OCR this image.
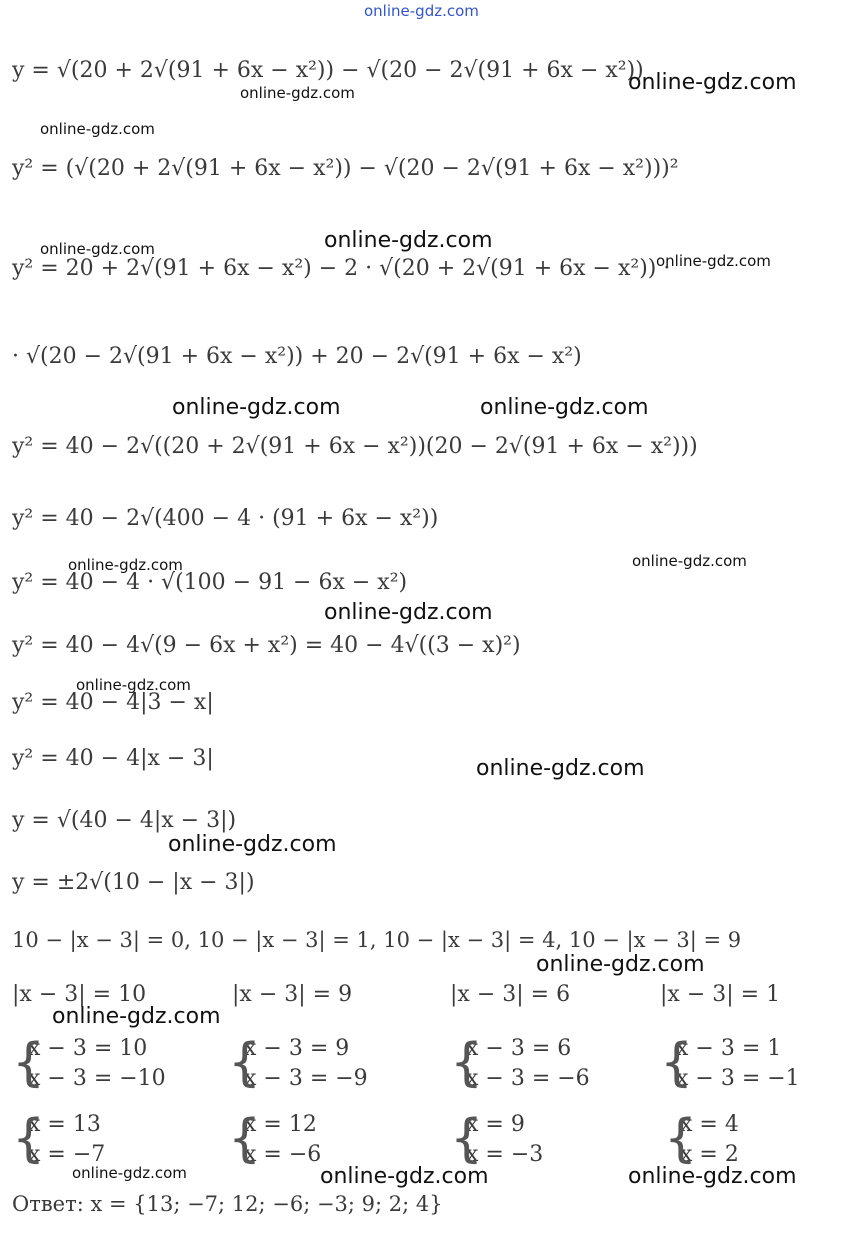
y = √(20 + 2√(91 + 6x − x²)) − √(20 − 2√(91 + 6x − x²))
y² = (√(20 + 2√(91 + 6x − x²)) − √(20 − 2√(91 + 6x − x²)))²
y² = 20 + 2√(91 + 6x − x²) − 2 · √(20 + 2√(91 + 6x − x²)) ·
· √(20 − 2√(91 + 6x − x²)) + 20 − 2√(91 + 6x − x²)
y² = 40 − 2√((20 + 2√(91 + 6x − x²))(20 − 2√(91 + 6x − x²)))
y² = 40 − 2√(400 − 4 · (91 + 6x − x²))
y² = 40 − 4 · √(100 − 91 − 6x − x²)
y² = 40 − 4√(9 − 6x + x²) = 40 − 4√((3 − x)²)
y² = 40 − 4|3 − x|
y² = 40 − 4|x − 3|
y = √(40 − 4|x − 3|)
y = ±2√(10 − |x − 3|)
10 − |x − 3| = 0, 10 − |x − 3| = 1, 10 − |x − 3| = 4, 10 − |x − 3| = 9
|x − 3| = 10	|x − 3| = 9	|x − 3| = 6	|x − 3| = 1
{
x − 3 = 10
x − 3 = −10 {
x − 3 = 9
x − 3 = −9 {
x − 3 = 6
x − 3 = −6 {
x − 3 = 1
x − 3 = −1
{
x = 13
x = −7 {
x = 12
x = −6 {
x = 9
x = −3 {
x = 4
x = 2
Ответ: x = {13; −7; 12; −6; −3; 9; 2; 4}
online-gdz.com
online-gdz.com
online-gdz.com
online-gdz.com
online-gdz.com	online-gdz.com
online-gdz.com
online-gdz.com	online-gdz.com
online-gdz.com	online-gdz.com
online-gdz.com
online-gdz.com
online-gdz.com
online-gdz.com
online-gdz.com
online-gdz.com
online-gdz.com	online-gdz.com	online-gdz.com
